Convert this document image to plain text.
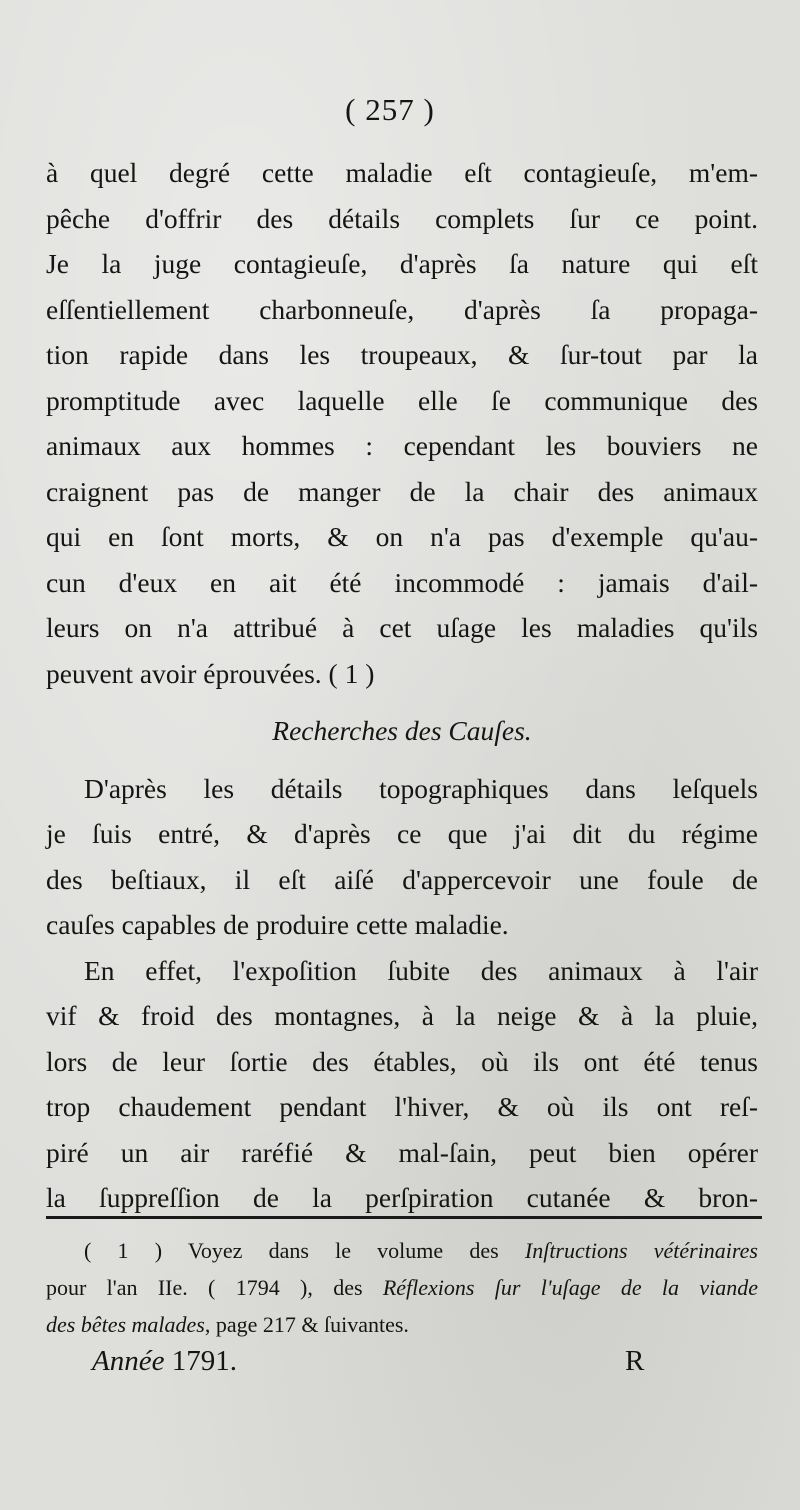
( 257 )
à quel degré cette maladie eſt contagieuſe, m'em-
pêche d'offrir des détails complets ſur ce point.
Je la juge contagieuſe, d'après ſa nature qui eſt
eſſentiellement charbonneuſe, d'après ſa propaga-
tion rapide dans les troupeaux, & ſur-tout par la
promptitude avec laquelle elle ſe communique des
animaux aux hommes : cependant les bouviers ne
craignent pas de manger de la chair des animaux
qui en ſont morts, & on n'a pas d'exemple qu'au-
cun d'eux en ait été incommodé : jamais d'ail-
leurs on n'a attribué à cet uſage les maladies qu'ils
peuvent avoir éprouvées. ( 1 )
Recherches des Cauſes.
D'après les détails topographiques dans leſquels
je ſuis entré, & d'après ce que j'ai dit du régime
des beſtiaux, il eſt aiſé d'appercevoir une foule de
cauſes capables de produire cette maladie.
En effet, l'expoſition ſubite des animaux à l'air
vif & froid des montagnes, à la neige & à la pluie,
lors de leur ſortie des étables, où ils ont été tenus
trop chaudement pendant l'hiver, & où ils ont reſ-
piré un air raréfié & mal-ſain, peut bien opérer
la ſuppreſſion de la perſpiration cutanée & bron-
( 1 ) Voyez dans le volume des Inſtructions vétérinaires
pour l'an IIe. ( 1794 ), des Réflexions ſur l'uſage de la viande
des bêtes malades, page 217 & ſuivantes.
Année 1791.	R
